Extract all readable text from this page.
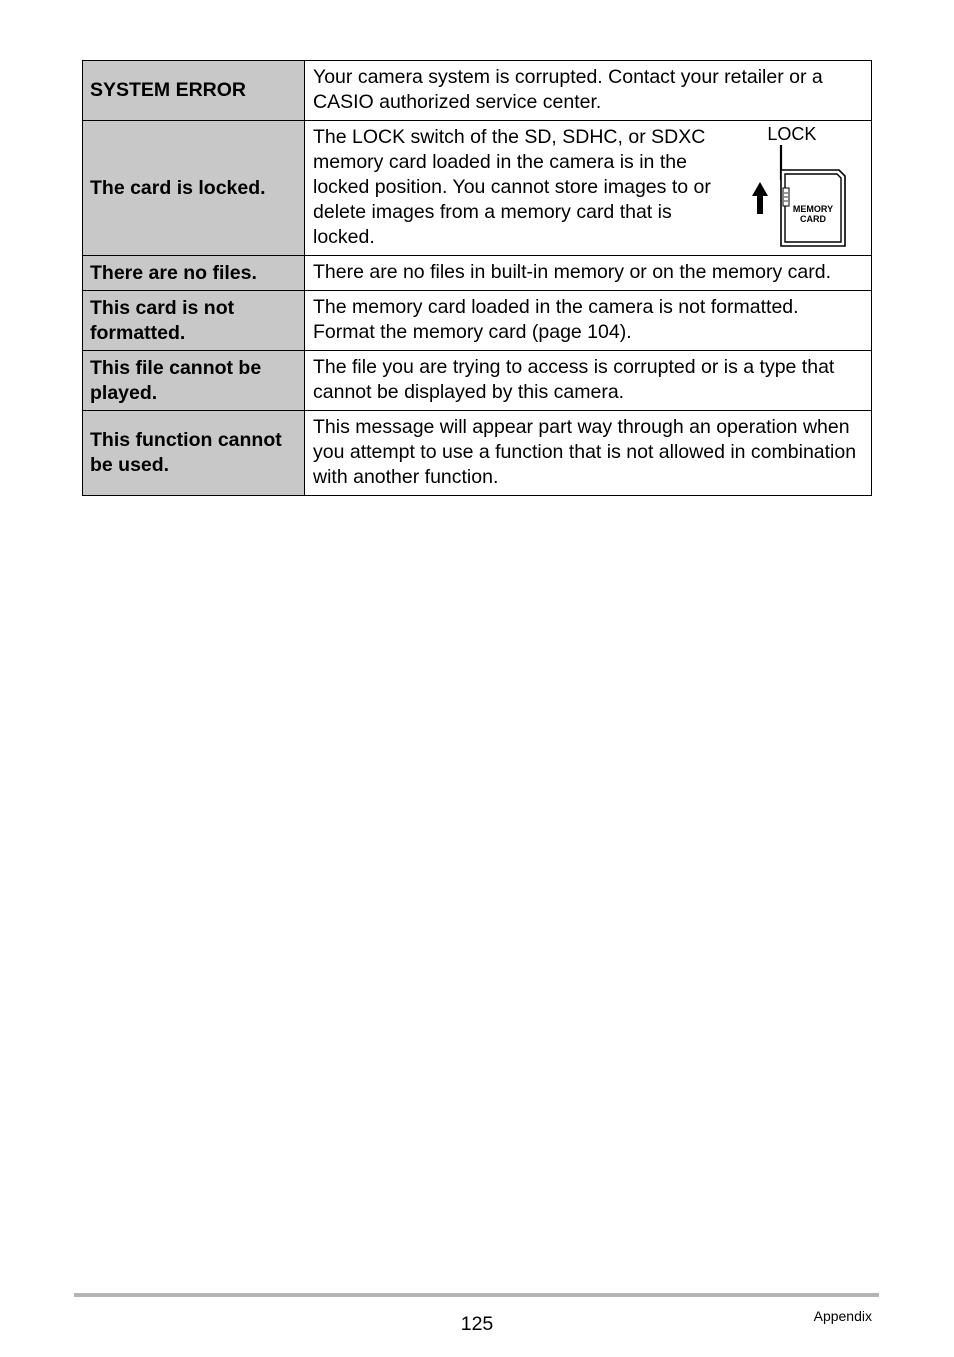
SYSTEM ERROR	Your camera system is corrupted. Contact your retailer or a CASIO authorized service center.
The card is locked.	The LOCK switch of the SD, SDHC, or SDXC memory card loaded in the camera is in the locked position. You cannot store images to or delete images from a memory card that is locked.
LOCK
MEMORY
CARD

There are no files.	There are no files in built-in memory or on the memory card.
This card is not formatted.	The memory card loaded in the camera is not formatted. Format the memory card (page 104).
This file cannot be played.	The file you are trying to access is corrupted or is a type that cannot be displayed by this camera.
This function cannot be used.	This message will appear part way through an operation when you attempt to use a function that is not allowed in combination with another function.
125	Appendix
